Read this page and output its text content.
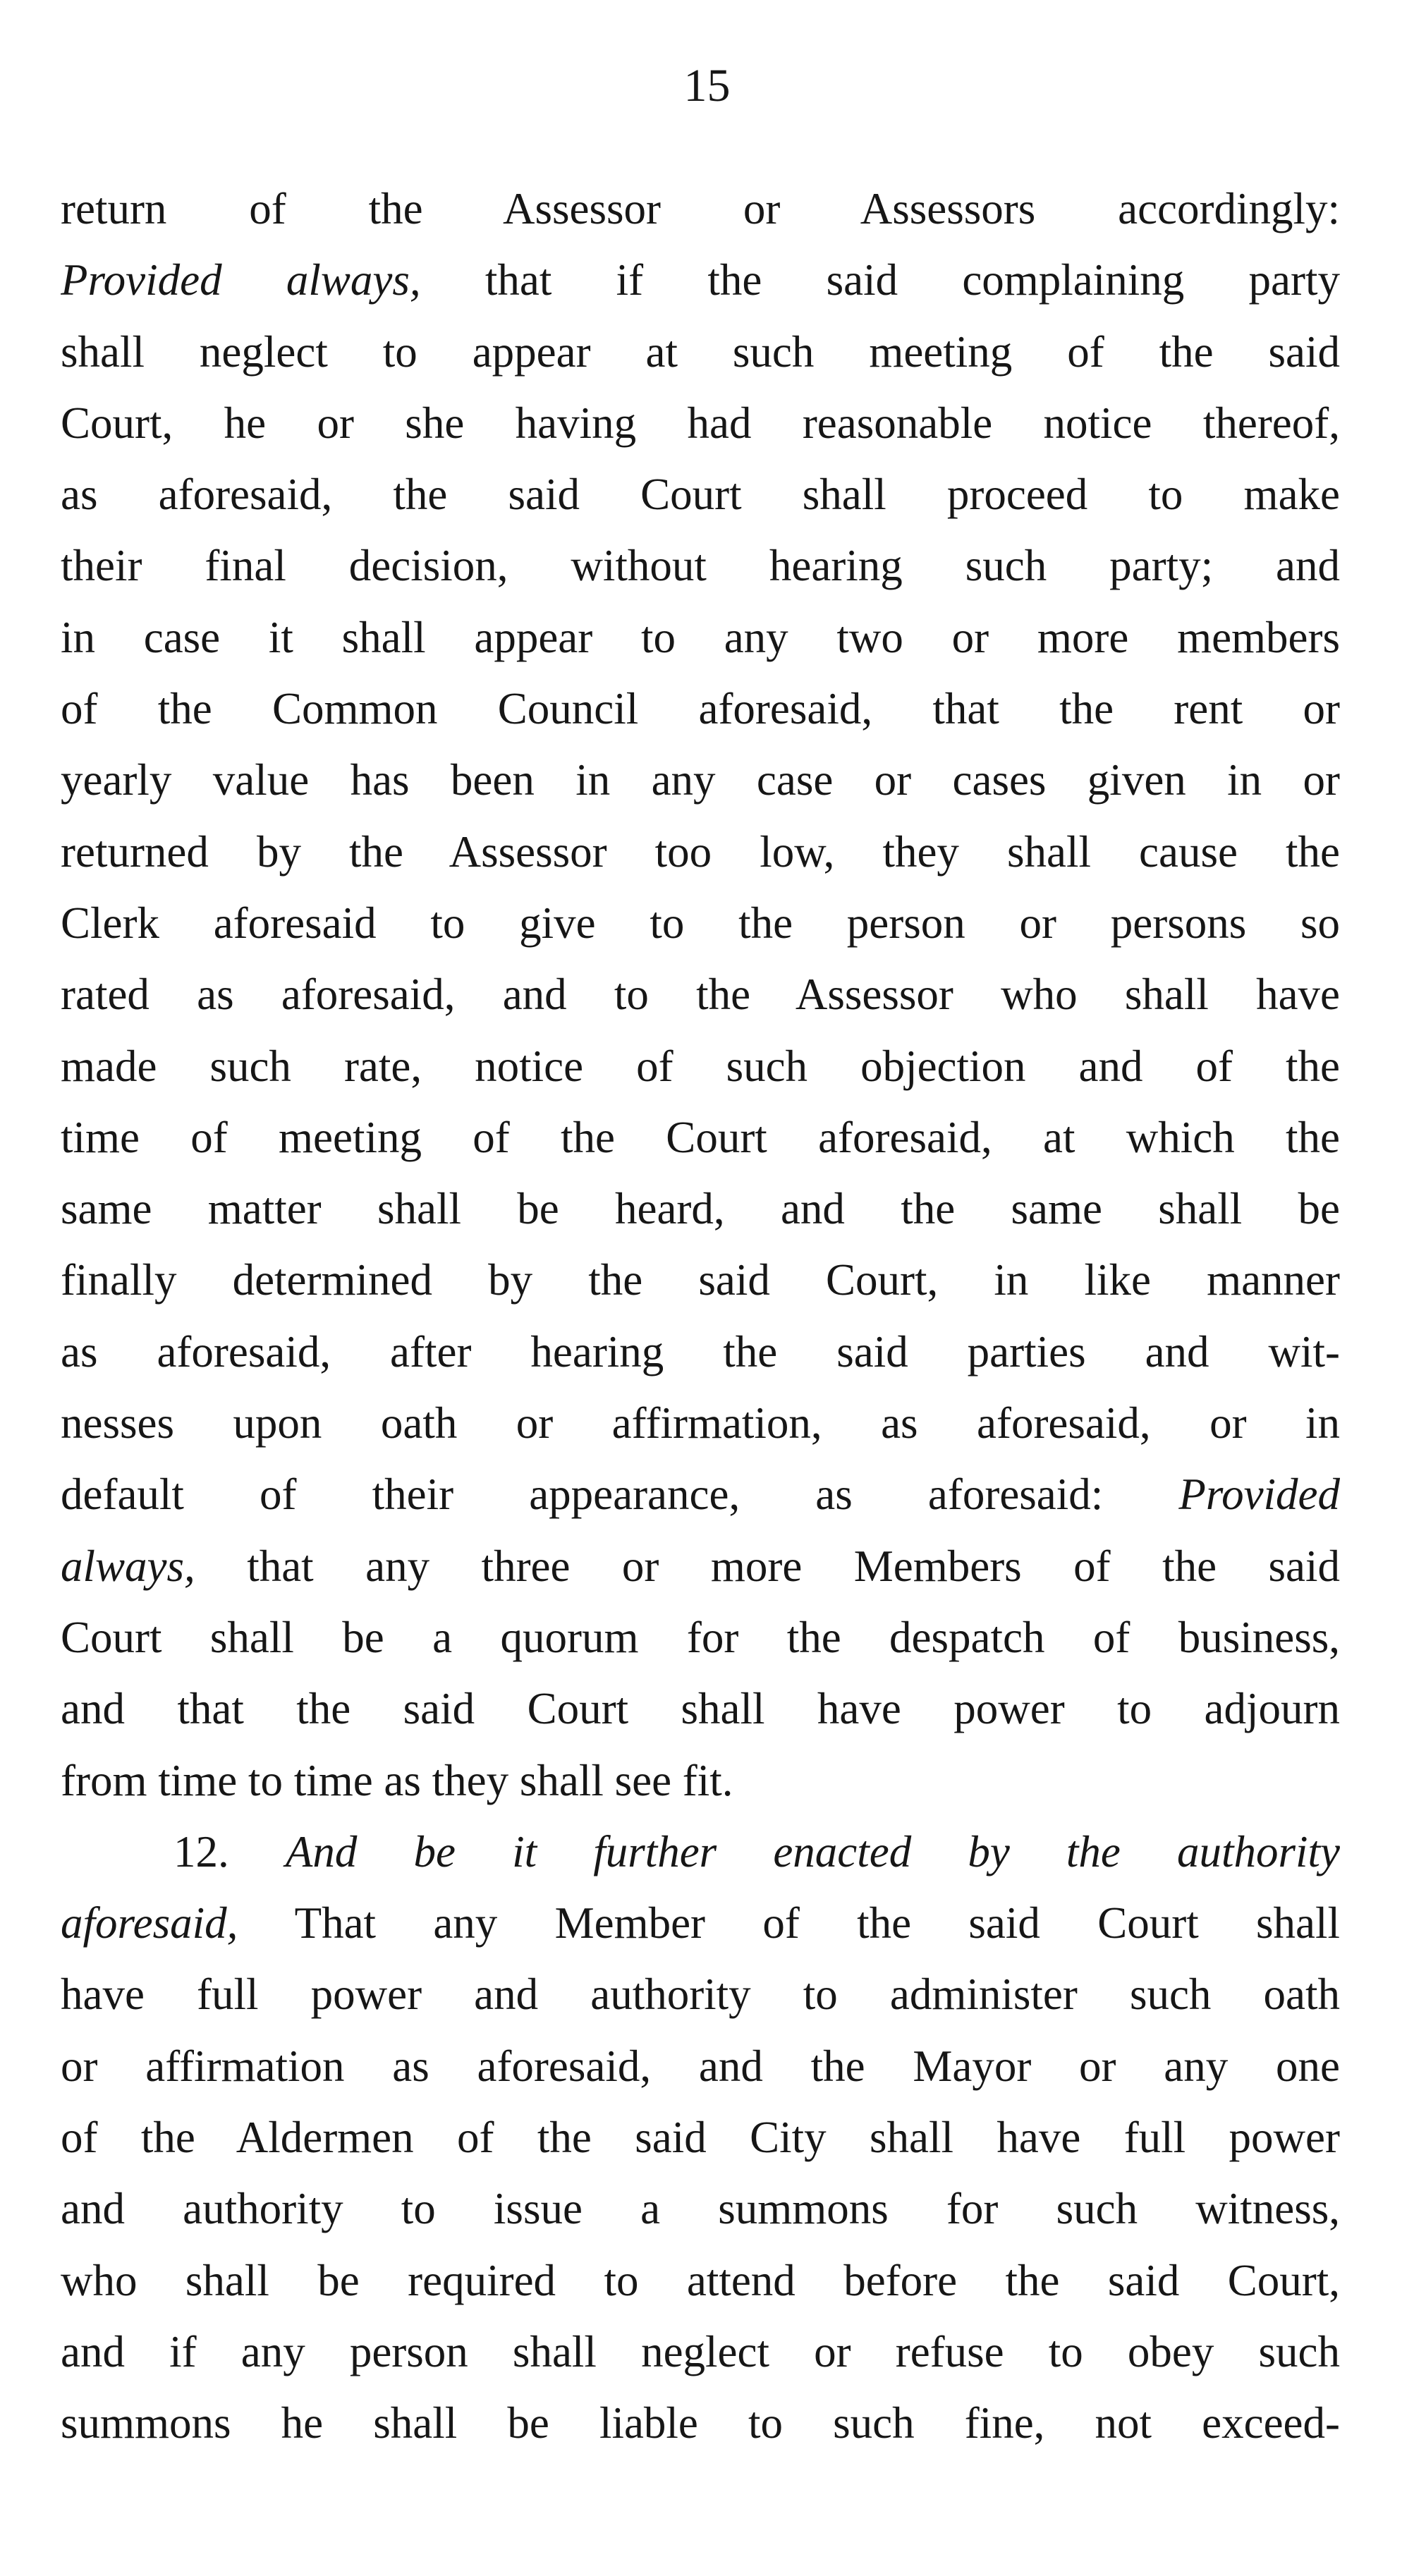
15
return of the Assessor or Assessors accordingly:
Provided always, that if the said complaining party
shall neglect to appear at such meeting of the said
Court, he or she having had reasonable notice thereof,
as aforesaid, the said Court shall proceed to make
their final decision, without hearing such party; and
in case it shall appear to any two or more members
of the Common Council aforesaid, that the rent or
yearly value has been in any case or cases given in or
returned by the Assessor too low, they shall cause the
Clerk aforesaid to give to the person or persons so
rated as aforesaid, and to the Assessor who shall have
made such rate, notice of such objection and of the
time of meeting of the Court aforesaid, at which the
same matter shall be heard, and the same shall be
finally determined by the said Court, in like manner
as aforesaid, after hearing the said parties and wit-
nesses upon oath or affirmation, as aforesaid, or in
default of their appearance, as aforesaid: Provided
always, that any three or more Members of the said
Court shall be a quorum for the despatch of business,
and that the said Court shall have power to adjourn
from time to time as they shall see fit.
12. And be it further enacted by the authority
aforesaid, That any Member of the said Court shall
have full power and authority to administer such oath
or affirmation as aforesaid, and the Mayor or any one
of the Aldermen of the said City shall have full power
and authority to issue a summons for such witness,
who shall be required to attend before the said Court,
and if any person shall neglect or refuse to obey such
summons he shall be liable to such fine, not exceed-
